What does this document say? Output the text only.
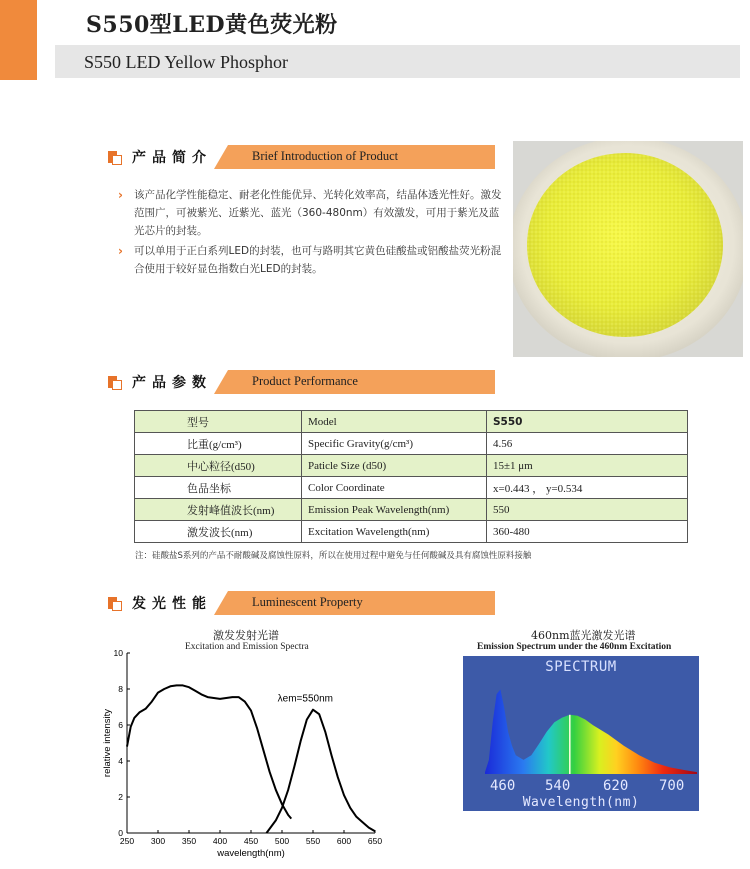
S550型LED黄色荧光粉
S550 LED Yellow Phosphor
产品简介	Brief Introduction of Product

› 该产品化学性能稳定、耐老化性能优异、光转化效率高，结晶体透光性好。激发范围广，可被紫光、近紫光、蓝光（360-480nm）有效激发，可用于紫光及蓝光芯片的封装。

› 可以单用于正白系列LED的封装，也可与路明其它黄色硅酸盐或铝酸盐荧光粉混合使用于较好显色指数白光LED的封装。

产品参数	Product Performance
型号	Model	S550
比重(g/cm³)	Specific Gravity(g/cm³)	4.56
中心粒径(d50)	Paticle Size (d50)	15±1 μm
色品坐标	Color Coordinate	x=0.443 ， y=0.534
发射峰值波长(nm)	Emission Peak Wavelength(nm)	550
激发波长(nm)	Excitation Wavelength(nm)	360-480
注：硅酸盐S系列的产品不耐酸碱及腐蚀性原料，所以在使用过程中避免与任何酸碱及具有腐蚀性原料接触
发光性能	Luminescent Property
激发发射光谱
Excitation and Emission Spectra
250 300 350 400 450 500 550 600 650
0
2
4
6
8
10
wavelength(nm)
relative intensity
λem=550nm
460nm蓝光激发光谱
Emission Spectrum under the 460nm Excitation
SPECTRUM
460 540 620 700
Wavelength(nm)
